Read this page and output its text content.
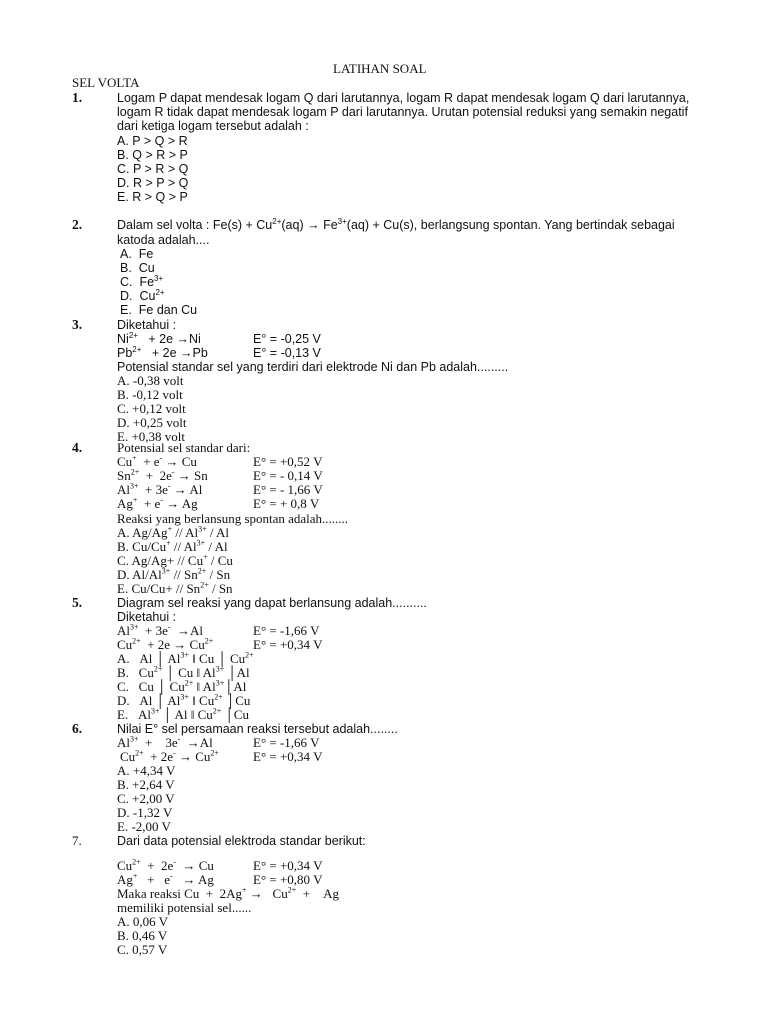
LATIHAN SOAL
SEL VOLTA
1.	Logam P dapat mendesak logam Q dari larutannya, logam R dapat mendesak logam Q dari larutannya,
logam R tidak dapat mendesak logam P dari larutannya. Urutan potensial reduksi yang semakin negatif
dari ketiga logam tersebut adalah :
A. P > Q > R
B. Q > R > P
C. P > R > Q
D. R > P > Q
E. R > Q > P
2.	Dalam sel volta : $Fe(s) + Cu^{2+}(aq) \to Fe^{3+}(aq) + Cu(s)$, berlangsung spontan. Yang bertindak sebagai
katoda adalah....
A. Fe
B. Cu
C. $Fe^{3+}$
D. $Cu^{2+}$
E. Fe dan Cu
3.	Diketahui :
$Ni^{2+} + 2e \to Ni$	E° = -0,25 V
$Pb^{2+} + 2e \to Pb$	E° = -0,13 V
Potensial standar sel yang terdiri dari elektrode Ni dan Pb adalah.........
A. -0,38 volt
B. -0,12 volt
C. +0,12 volt
D. +0,25 volt
E. +0,38 volt
4.	Potensial sel standar dari:
Cu+ + e- → Cu	E° = +0,52 V
$Sn^{2+} + 2e^- \to Sn$	E° = - 0,14 V
$Al^{3+} + 3e^- \to Al$	E° = - 1,66 V
Ag+ + e- → Ag	E° = + 0,8 V
Reaksi yang berlansung spontan adalah........
A. $Ag/Ag^+ // Al^{3+}$ / Al
B. $Cu/Cu^+ // Al^{3+}$ / Al
C. Ag/Ag+ // Cu+ / Cu
D. $Al/Al^{3+} // Sn^{2+}$ / Sn
E. $Cu/Cu+ // Sn^{2+} / Sn$
5.	Diagram sel reaksi yang dapat berlansung adalah..........
Diketahui :
$Al^{3+} + 3e^- \to Al$	E° = -1,66 V
$Cu^{2+} + 2e \to Cu^{2+}$	E° = +0,34 V
A.   Al │ $Al^{3+}$ ‖ Cu │ $Cu^{2+}$
B.   $Cu^{2+}$ │ Cu ‖ $Al^{3+}$ │Al
C.   Cu │ $Cu^{2+}$ ‖ $Al^{3+}│Al$
D.   Al │ $Al^{3+}$ ‖ $Cu^{2+}$ │Cu
E.   $Al^{3+}$ │ Al ‖ $Cu^{2+}$ │Cu
6.	Nilai E° sel persamaan reaksi tersebut adalah........
$Al^{3+}$  +    3e-  →Al	E° = -1,66 V
$Cu^{2+} + 2e^- \to Cu^{2+}$	E° = +0,34 V
A. +4,34 V
B. +2,64 V
C. +2,00 V
D. -1,32 V
E. -2,00 V
7.	Dari data potensial elektroda standar berikut:
$Cu^{2+} + 2e^- \to Cu$	E° = +0,34 V
Ag+   +   e-   → Ag	E° = +0,80 V
Maka reaksi $Cu + 2Ag^+ \to Cu^{2+}$  +    Ag
memiliki potensial sel......
A. 0,06 V
B. 0,46 V
C. 0,57 V
